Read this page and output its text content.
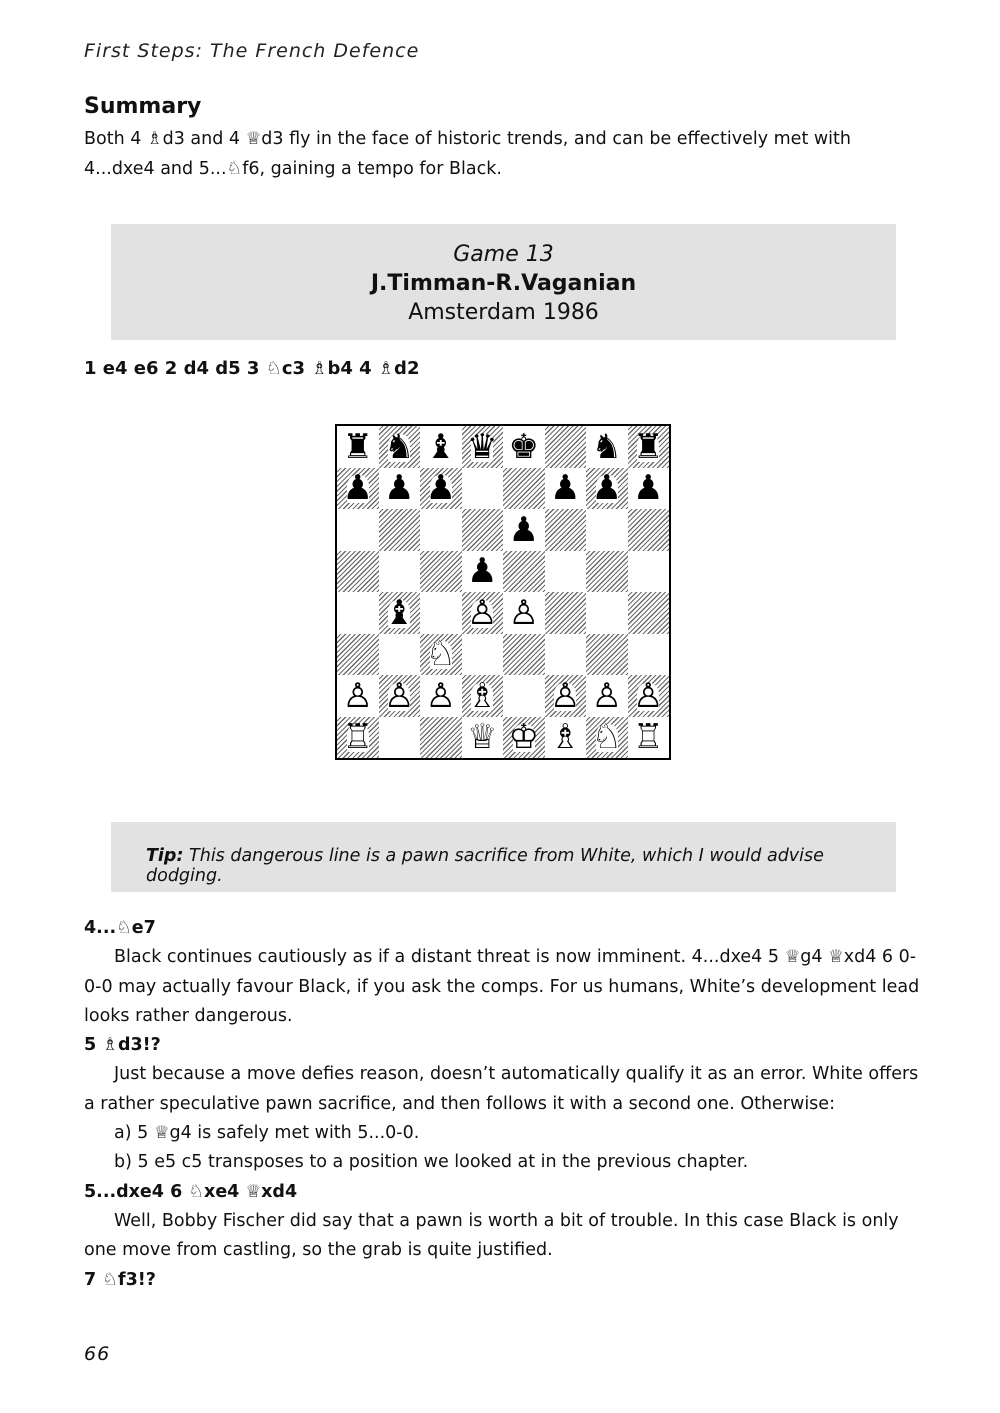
First Steps: The French Defence
Summary
Both 4 ♗d3 and 4 ♕d3 fly in the face of historic trends, and can be effectively met with 4...dxe4 and 5...♘f6, gaining a tempo for Black.
Game 13
J.Timman-R.Vaganian
Amsterdam 1986
1 e4 e6 2 d4 d5 3 ♘c3 ♗b4 4 ♗d2
♜ ♞ ♝ ♛ ♚ ♞ ♜
♟ ♟ ♟	♟ ♟ ♟
♟
♟
♝ ♙ ♙
♘
♙ ♙ ♙ ♗ ♙ ♙ ♙
♖	♕ ♔ ♗ ♘ ♖
Tip: This dangerous line is a pawn sacrifice from White, which I would advise dodging.

4...♘e7

Black continues cautiously as if a distant threat is now imminent. 4...dxe4 5 ♕g4 ♕xd4 6 0-0-0 may actually favour Black, if you ask the comps. For us humans, White’s development lead looks rather dangerous.

5 ♗d3!?

Just because a move defies reason, doesn’t automatically qualify it as an error. White offers a rather speculative pawn sacrifice, and then follows it with a second one. Otherwise:

a) 5 ♕g4 is safely met with 5...0-0.

b) 5 e5 c5 transposes to a position we looked at in the previous chapter.

5...dxe4 6 ♘xe4 ♕xd4

Well, Bobby Fischer did say that a pawn is worth a bit of trouble. In this case Black is only one move from castling, so the grab is quite justified.

7 ♘f3!?

66
